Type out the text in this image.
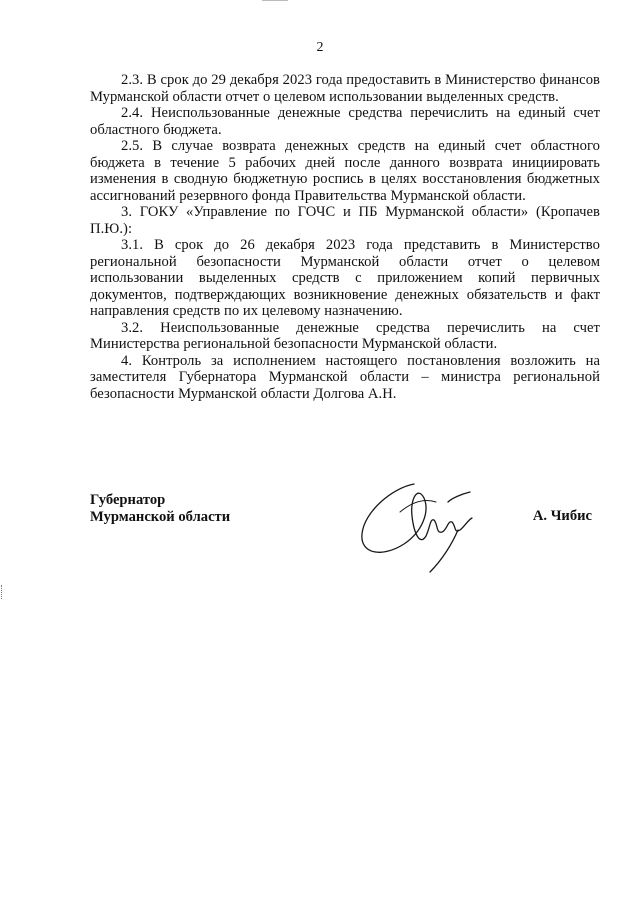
2

2.3. В срок до 29 декабря 2023 года предоставить в Министерство финансов Мурманской области отчет о целевом использовании выделенных средств.

2.4. Неиспользованные денежные средства перечислить на единый счет областного бюджета.

2.5. В случае возврата денежных средств на единый счет областного бюджета в течение 5 рабочих дней после данного возврата инициировать изменения в сводную бюджетную роспись в целях восстановления бюджетных ассигнований резервного фонда Правительства Мурманской области.

3. ГОКУ «Управление по ГОЧС и ПБ Мурманской области» (Кропачев П.Ю.):

3.1. В срок до 26 декабря 2023 года представить в Министерство региональной безопасности Мурманской области отчет о целевом использовании выделенных средств с приложением копий первичных документов, подтверждающих возникновение денежных обязательств и факт направления средств по их целевому назначению.

3.2. Неиспользованные денежные средства перечислить на счет Министерства региональной безопасности Мурманской области.

4. Контроль за исполнением настоящего постановления возложить на заместителя Губернатора Мурманской области – министра региональной безопасности Мурманской области Долгова А.Н.

Губернатор
Мурманской области	А. Чибис
